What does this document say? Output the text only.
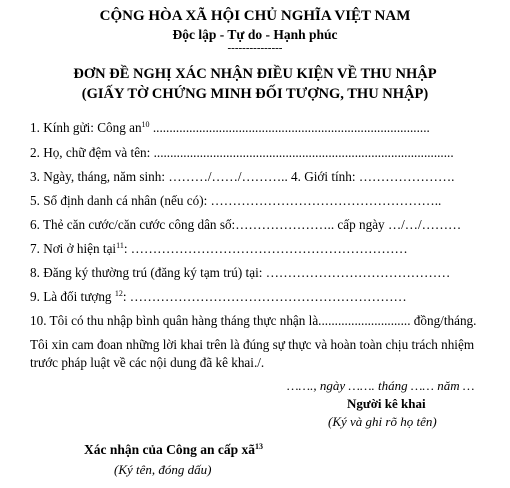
CỘNG HÒA XÃ HỘI CHỦ NGHĨA VIỆT NAM
Độc lập - Tự do - Hạnh phúc
---------------
ĐƠN ĐỀ NGHỊ XÁC NHẬN ĐIỀU KIỆN VỀ THU NHẬP
(GIẤY TỜ CHỨNG MINH ĐỐI TƯỢNG, THU NHẬP)
1. Kính gửi: Công $an^{10}$ ....................................................................................
2. Họ, chữ đệm và tên: ...........................................................................................
3. Ngày, tháng, năm sinh: ………/……/……….. 4. Giới tính: ………………….
5. Số định danh cá nhân (nếu có): ……………………………………………..
6. Thẻ căn cước/căn cước công dân số:………………….. cấp ngày …/…/………
7. Nơi ở hiện tại$^{11}$: ………………………………………………………
8. Đăng ký thường trú (đăng ký tạm trú) tại: ……………………………………
9. Là đối tượng $^{12}$: ………………………………………………………
10. Tôi có thu nhập bình quân hàng tháng thực nhận là............................ đồng/tháng.
Tôi xin cam đoan những lời khai trên là đúng sự thực và hoàn toàn chịu trách nhiệm trước pháp luật về các nội dung đã kê khai./.
……., ngày ……. tháng …… năm …
Người kê khai
(Ký và ghi rõ họ tên)
Xác nhận của Công an cấp $xã^{13}$
(Ký tên, đóng dấu)
